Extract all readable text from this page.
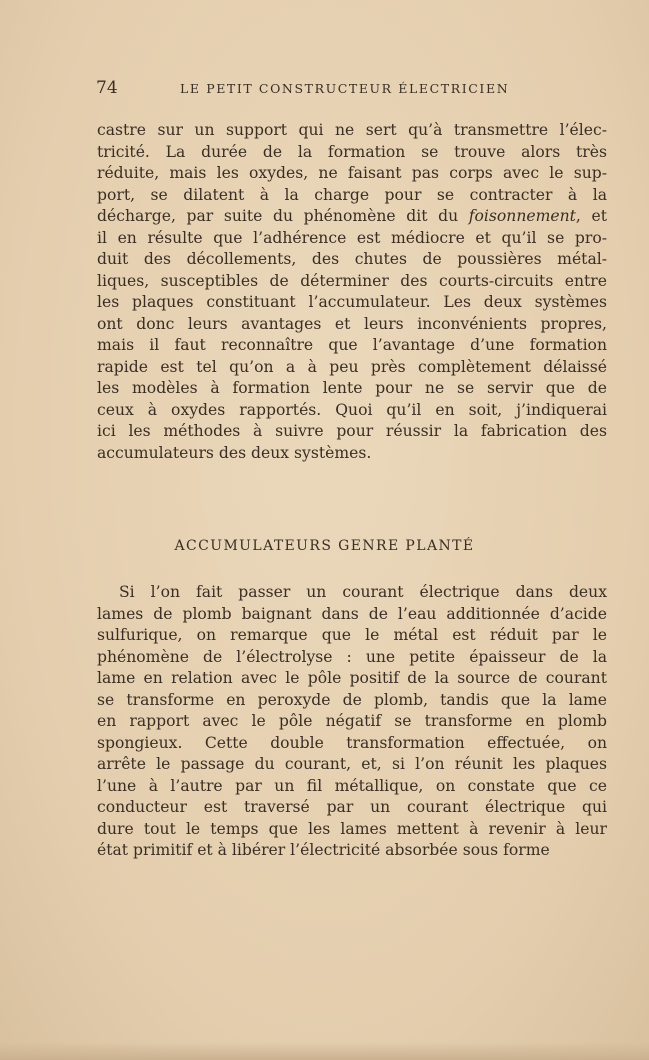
74	LE PETIT CONSTRUCTEUR ÉLECTRICIEN
castre sur un support qui ne sert qu’à transmettre l’élec-
tricité. La durée de la formation se trouve alors très
réduite, mais les oxydes, ne faisant pas corps avec le sup-
port, se dilatent à la charge pour se contracter à la
décharge, par suite du phénomène dit du foisonnement, et
il en résulte que l’adhérence est médiocre et qu’il se pro-
duit des décollements, des chutes de poussières métal-
liques, susceptibles de déterminer des courts-circuits entre
les plaques constituant l’accumulateur. Les deux systèmes
ont donc leurs avantages et leurs inconvénients propres,
mais il faut reconnaître que l’avantage d’une formation
rapide est tel qu’on a à peu près complètement délaissé
les modèles à formation lente pour ne se servir que de
ceux à oxydes rapportés. Quoi qu’il en soit, j’indiquerai
ici les méthodes à suivre pour réussir la fabrication des
accumulateurs des deux systèmes.
ACCUMULATEURS GENRE PLANTÉ
Si l’on fait passer un courant électrique dans deux
lames de plomb baignant dans de l’eau additionnée d’acide
sulfurique, on remarque que le métal est réduit par le
phénomène de l’électrolyse : une petite épaisseur de la
lame en relation avec le pôle positif de la source de courant
se transforme en peroxyde de plomb, tandis que la lame
en rapport avec le pôle négatif se transforme en plomb
spongieux. Cette double transformation effectuée, on
arrête le passage du courant, et, si l’on réunit les plaques
l’une à l’autre par un fil métallique, on constate que ce
conducteur est traversé par un courant électrique qui
dure tout le temps que les lames mettent à revenir à leur
état primitif et à libérer l’électricité absorbée sous forme
